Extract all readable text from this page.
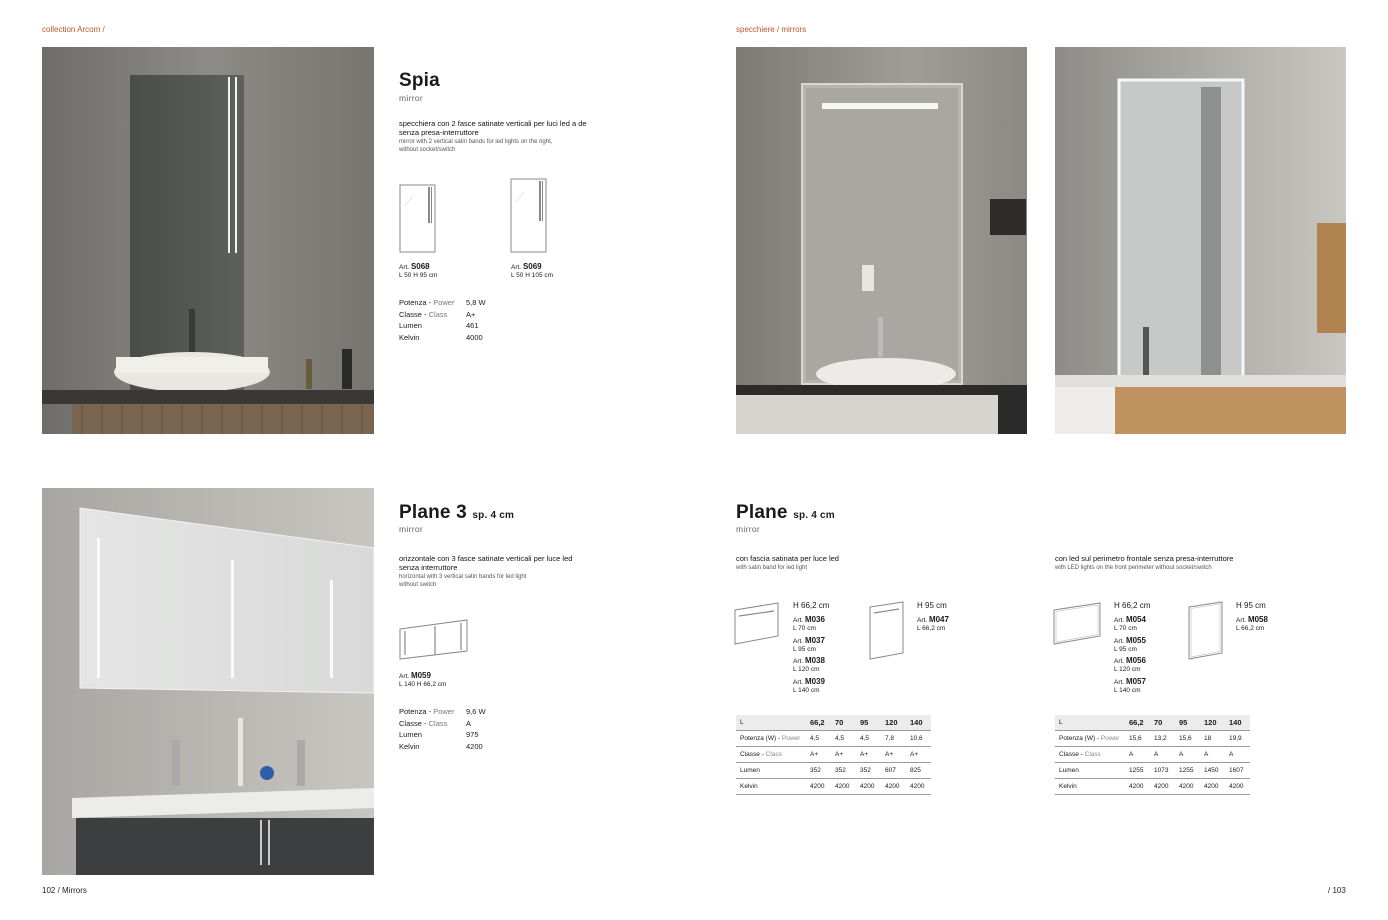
collection Arcom /	specchiere / mirrors
102 / Mirrors	/ 103
Spia
mirror
specchiera con 2 fasce satinate verticali per luci led a de
senza presa-interruttore
mirror with 2 vertical satin bands for led lights on the right,
without socket/switch
Art. S068
L 50 H 95 cm
Art. S069
L 50 H 105 cm
Potenza - Power	5,8 W
Classe - Class	A+
Lumen	461
Kelvin	4000
Plane 3 sp. 4 cm
mirror
orizzontale con 3 fasce satinate verticali per luce led
senza interruttore
horizontal with 3 vertical satin bands for led light
without switch
Art. M059
L 140 H 66,2 cm
Potenza - Power	9,6 W
Classe - Class	A
Lumen	975
Kelvin	4200
Plane sp. 4 cm
mirror
con fascia satinata per luce led
with satin band for led light
H 66,2 cm
Art. M036
L 70 cm
Art. M037
L 95 cm
Art. M038
L 120 cm
Art. M039
L 140 cm
H 95 cm
Art. M047
L 66,2 cm
L	66,2	70	95	120	140
Potenza (W) - Power	4,5	4,5	4,5	7,8	10,6
Classe - Class	A+	A+	A+	A+	A+
Lumen	352	352	352	607	825
Kelvin	4200	4200	4200	4200	4200
con led sul perimetro frontale senza presa-interruttore
with LED lights on the front perimeter without socket/switch
H 66,2 cm
Art. M054
L 70 cm
Art. M055
L 95 cm
Art. M056
L 120 cm
Art. M057
L 140 cm
H 95 cm
Art. M058
L 66,2 cm
L	66,2	70	95	120	140
Potenza (W) - Power	15,6	13,2	15,6	18	19,9
Classe - Class	A	A	A	A	A
Lumen	1255	1073	1255	1450	1607
Kelvin	4200	4200	4200	4200	4200
